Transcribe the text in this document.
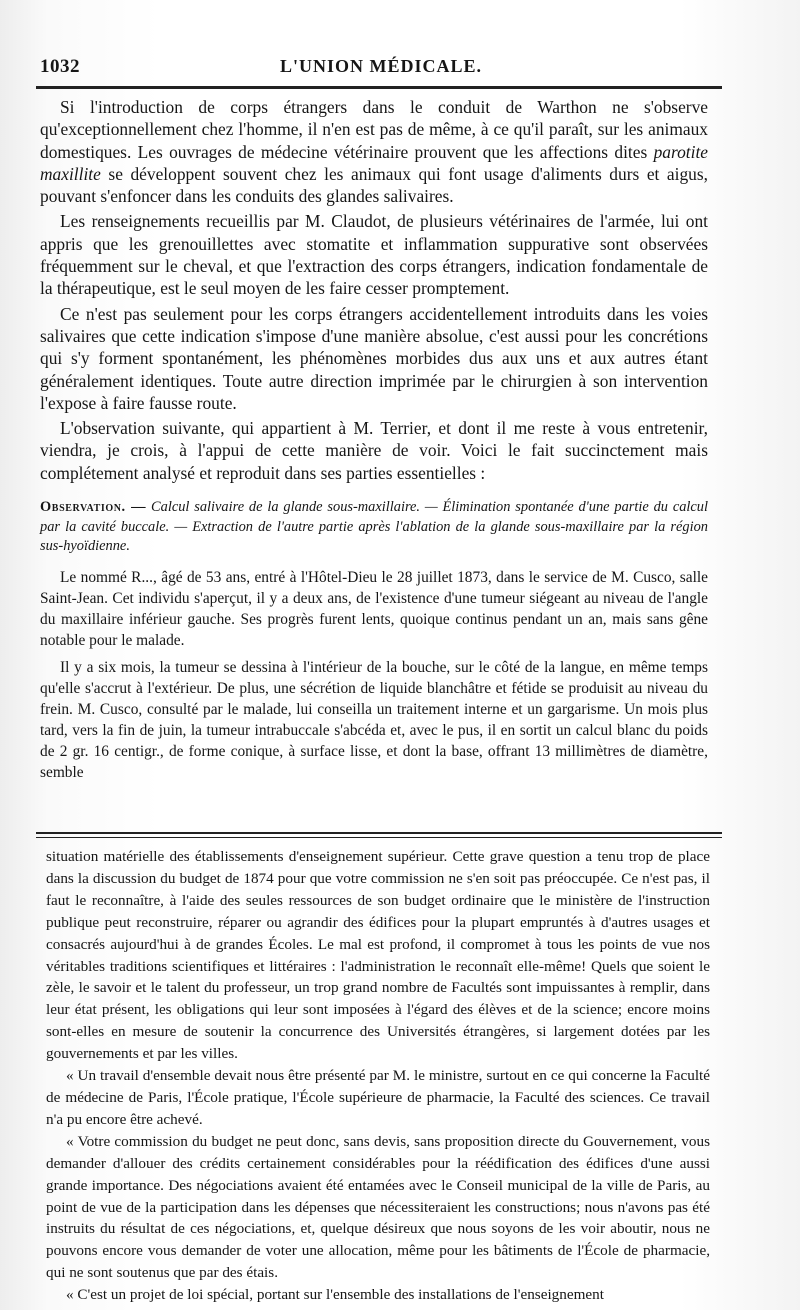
1032	L'UNION MÉDICALE.

Si l'introduction de corps étrangers dans le conduit de Warthon ne s'observe qu'exceptionnellement chez l'homme, il n'en est pas de même, à ce qu'il paraît, sur les animaux domestiques. Les ouvrages de médecine vétérinaire prouvent que les affections dites parotite maxillite se développent souvent chez les animaux qui font usage d'aliments durs et aigus, pouvant s'enfoncer dans les conduits des glandes salivaires.

Les renseignements recueillis par M. Claudot, de plusieurs vétérinaires de l'armée, lui ont appris que les grenouillettes avec stomatite et inflammation suppurative sont observées fréquemment sur le cheval, et que l'extraction des corps étrangers, indication fondamentale de la thérapeutique, est le seul moyen de les faire cesser promptement.

Ce n'est pas seulement pour les corps étrangers accidentellement introduits dans les voies salivaires que cette indication s'impose d'une manière absolue, c'est aussi pour les concrétions qui s'y forment spontanément, les phénomènes morbides dus aux uns et aux autres étant généralement identiques. Toute autre direction imprimée par le chirurgien à son intervention l'expose à faire fausse route.

L'observation suivante, qui appartient à M. Terrier, et dont il me reste à vous entretenir, viendra, je crois, à l'appui de cette manière de voir. Voici le fait succinctement mais complétement analysé et reproduit dans ses parties essentielles :

Observation. — Calcul salivaire de la glande sous-maxillaire. — Élimination spontanée d'une partie du calcul par la cavité buccale. — Extraction de l'autre partie après l'ablation de la glande sous-maxillaire par la région sus-hyoïdienne.

Le nommé R..., âgé de 53 ans, entré à l'Hôtel-Dieu le 28 juillet 1873, dans le service de M. Cusco, salle Saint-Jean. Cet individu s'aperçut, il y a deux ans, de l'existence d'une tumeur siégeant au niveau de l'angle du maxillaire inférieur gauche. Ses progrès furent lents, quoique continus pendant un an, mais sans gêne notable pour le malade.

Il y a six mois, la tumeur se dessina à l'intérieur de la bouche, sur le côté de la langue, en même temps qu'elle s'accrut à l'extérieur. De plus, une sécrétion de liquide blanchâtre et fétide se produisit au niveau du frein. M. Cusco, consulté par le malade, lui conseilla un traitement interne et un gargarisme. Un mois plus tard, vers la fin de juin, la tumeur intrabuccale s'abcéda et, avec le pus, il en sortit un calcul blanc du poids de 2 gr. 16 centigr., de forme conique, à surface lisse, et dont la base, offrant 13 millimètres de diamètre, semble

situation matérielle des établissements d'enseignement supérieur. Cette grave question a tenu trop de place dans la discussion du budget de 1874 pour que votre commission ne s'en soit pas préoccupée. Ce n'est pas, il faut le reconnaître, à l'aide des seules ressources de son budget ordinaire que le ministère de l'instruction publique peut reconstruire, réparer ou agrandir des édifices pour la plupart empruntés à d'autres usages et consacrés aujourd'hui à de grandes Écoles. Le mal est profond, il compromet à tous les points de vue nos véritables traditions scientifiques et littéraires : l'administration le reconnaît elle-même! Quels que soient le zèle, le savoir et le talent du professeur, un trop grand nombre de Facultés sont impuissantes à remplir, dans leur état présent, les obligations qui leur sont imposées à l'égard des élèves et de la science; encore moins sont-elles en mesure de soutenir la concurrence des Universités étrangères, si largement dotées par les gouvernements et par les villes.

« Un travail d'ensemble devait nous être présenté par M. le ministre, surtout en ce qui concerne la Faculté de médecine de Paris, l'École pratique, l'École supérieure de pharmacie, la Faculté des sciences. Ce travail n'a pu encore être achevé.

« Votre commission du budget ne peut donc, sans devis, sans proposition directe du Gouvernement, vous demander d'allouer des crédits certainement considérables pour la réédification des édifices d'une aussi grande importance. Des négociations avaient été entamées avec le Conseil municipal de la ville de Paris, au point de vue de la participation dans les dépenses que nécessiteraient les constructions; nous n'avons pas été instruits du résultat de ces négociations, et, quelque désireux que nous soyons de les voir aboutir, nous ne pouvons encore vous demander de voter une allocation, même pour les bâtiments de l'École de pharmacie, qui ne sont soutenus que par des étais.

« C'est un projet de loi spécial, portant sur l'ensemble des installations de l'enseignement
